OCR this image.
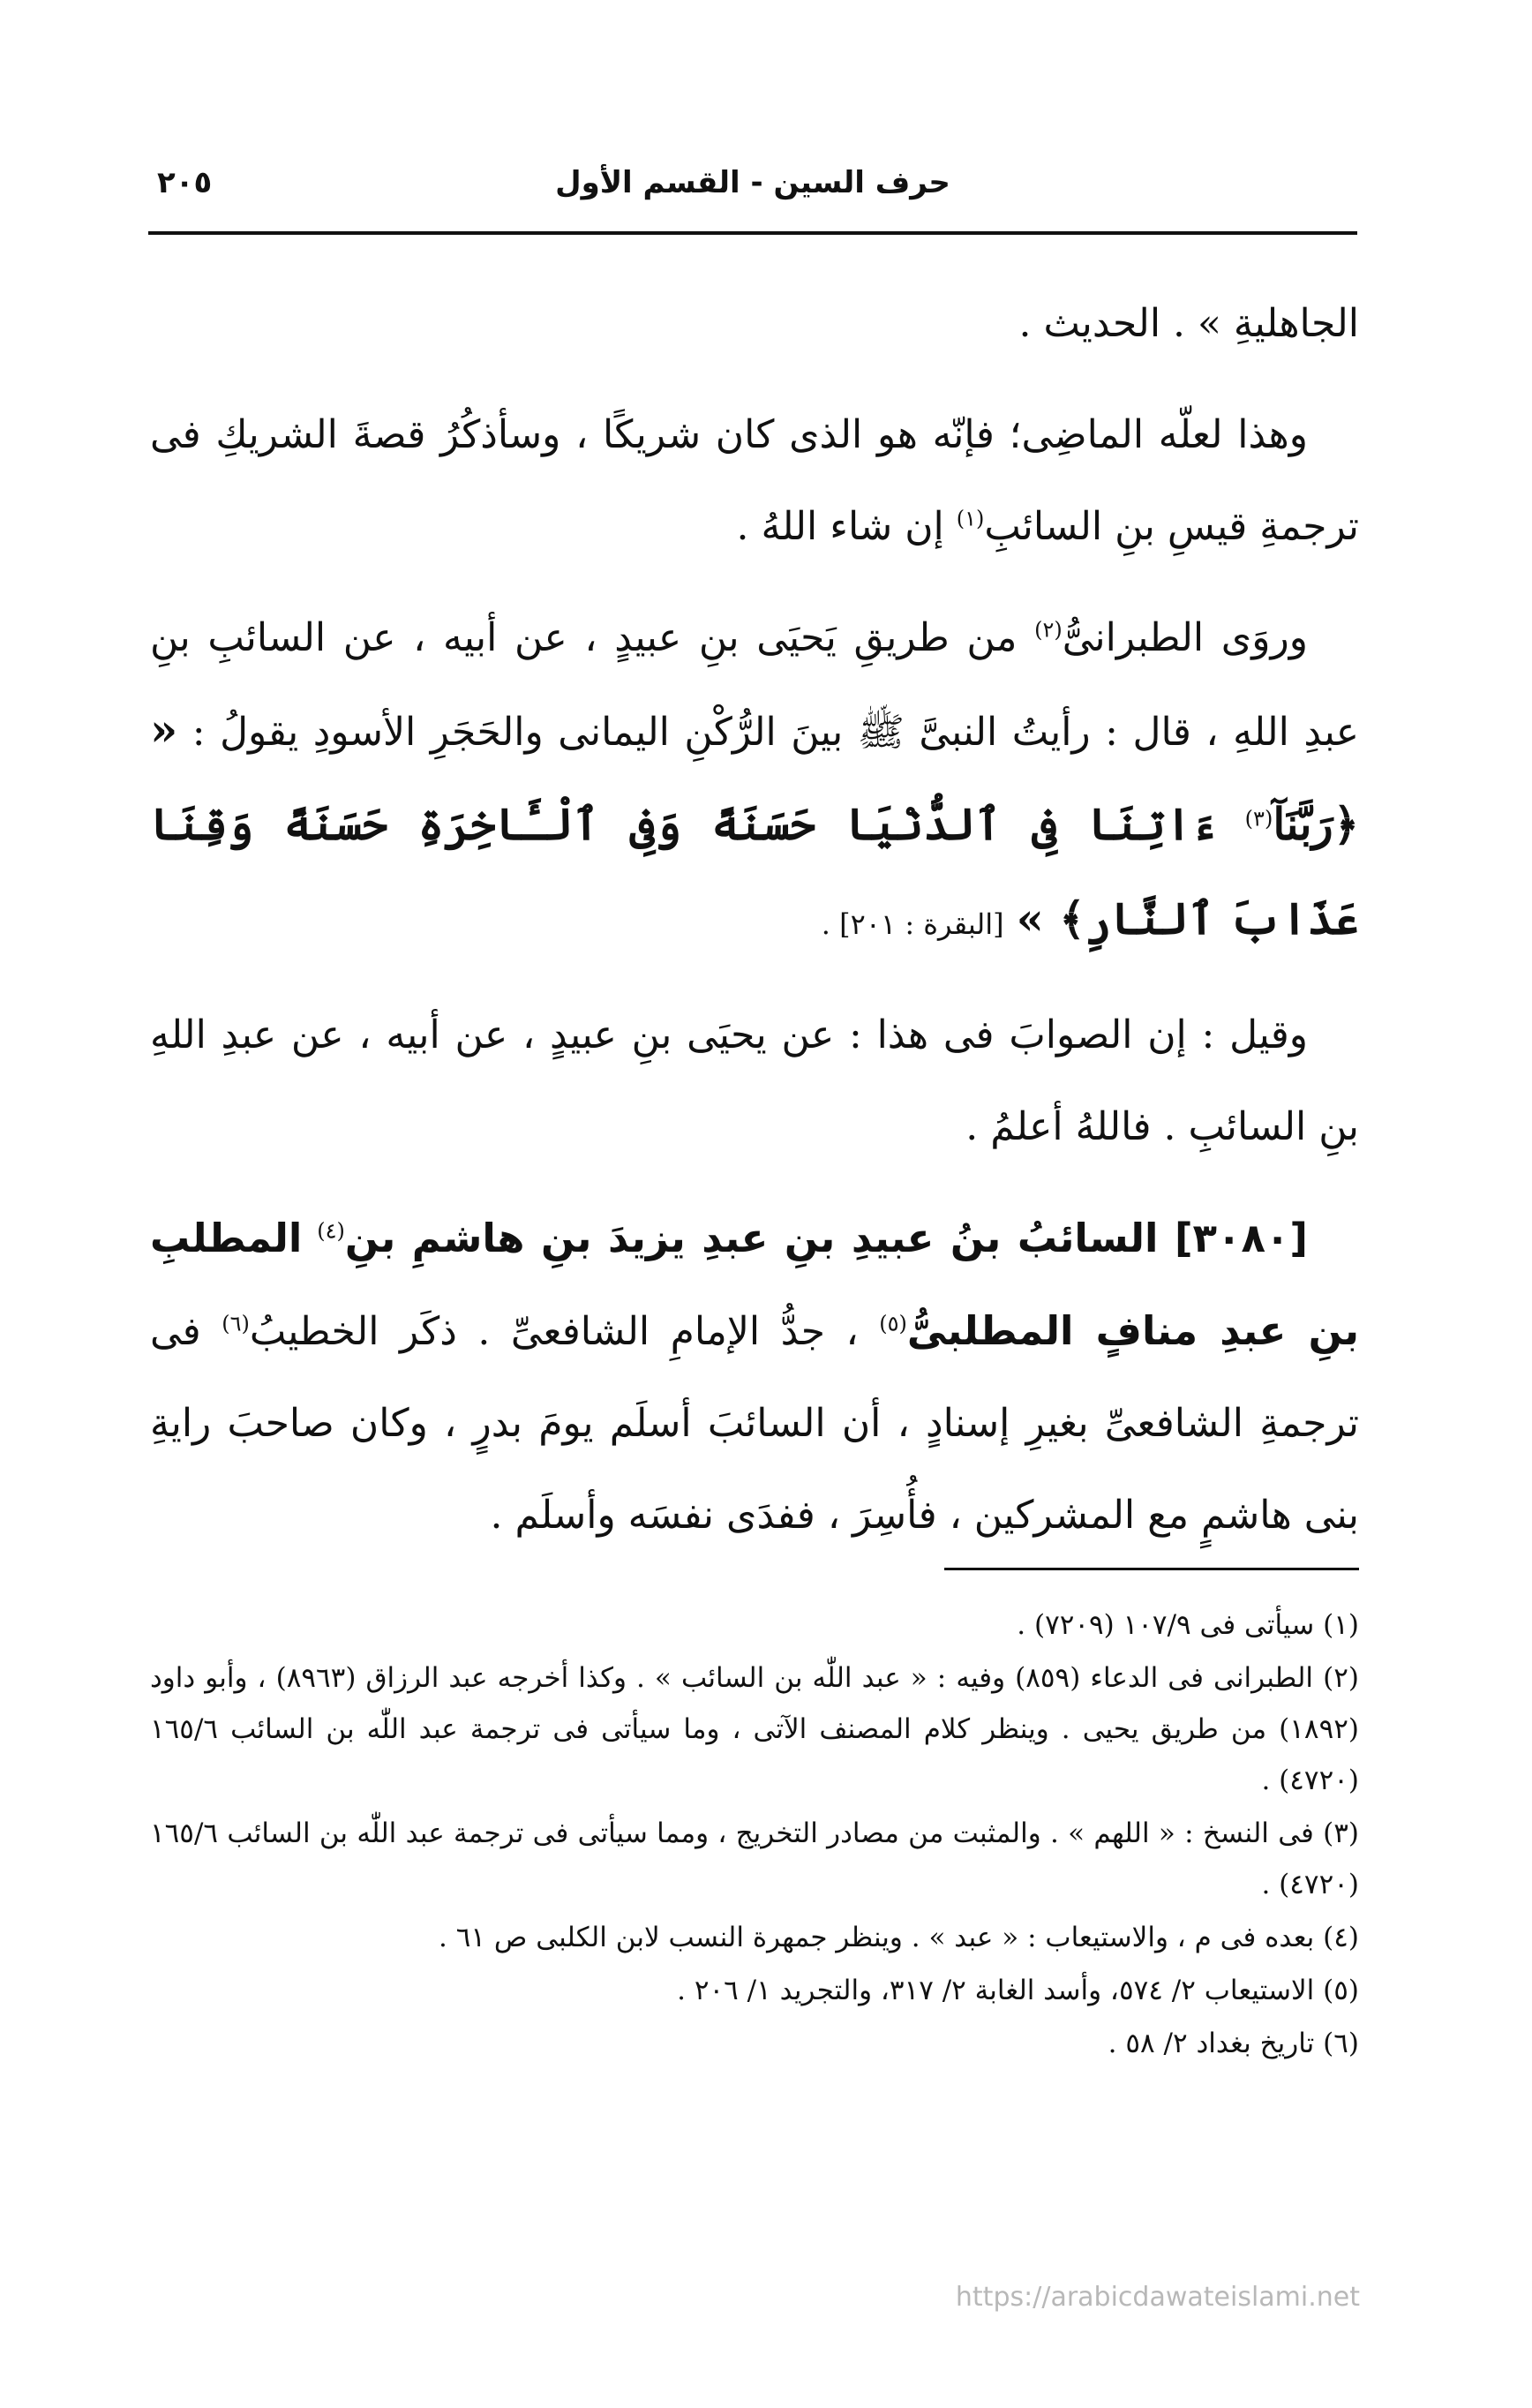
حرف السين - القسم الأول
٢٠٥

الجاهليةِ » . الحديث .

وهذا لعلّه الماضِى؛ فإنّه هو الذى كان شريكًا ، وسأذكُرُ قصةَ الشريكِ فى ترجمةِ قيسِ بنِ السائبِ$^{(١)}$ إن شاء اللهُ .

وروَى الطبرانىُّ$^{(٢)}$ من طريقِ يَحيَى بنِ عبيدٍ ، عن أبيه ، عن السائبِ بنِ عبدِ اللهِ ، قال : رأيتُ النبىَّ ﷺ بينَ الرُّكْنِ اليمانى والحَجَرِ الأسودِ يقولُ : « ﴿رَبَّنَآ$^{(٣)}$ ءَاتِنَا فِى ٱلدُّنْيَا حَسَنَةً وَفِى ٱلْـَٔاخِرَةِ حَسَنَةً وَقِنَا عَذَابَ ٱلنَّارِ﴾ » [البقرة : ٢٠١] .

وقيل : إن الصوابَ فى هذا : عن يحيَى بنِ عبيدٍ ، عن أبيه ، عن عبدِ اللهِ بنِ السائبِ . فاللهُ أعلمُ .

[٣٠٨٠] السائبُ بنُ عبيدِ بنِ عبدِ يزيدَ بنِ هاشمِ بنِ$^{(٤)}$ المطلبِ بنِ عبدِ منافٍ المطلبىُّ$^{(٥)}$ ، جدُّ الإمامِ الشافعىِّ . ذكَر الخطيبُ$^{(٦)}$ فى ترجمةِ الشافعىِّ بغيرِ إسنادٍ ، أن السائبَ أسلَم يومَ بدرٍ ، وكان صاحبَ رايةِ بنى هاشمٍ مع المشركين ، فأُسِرَ ، ففدَى نفسَه وأسلَم .

(١) سيأتى فى ١٠٧/٩ (٧٢٠٩) .

(٢) الطبرانى فى الدعاء (٨٥٩) وفيه : « عبد اللّٰه بن السائب » . وكذا أخرجه عبد الرزاق (٨٩٦٣) ، وأبو داود (١٨٩٢) من طريق يحيى . وينظر كلام المصنف الآتى ، وما سيأتى فى ترجمة عبد اللّٰه بن السائب ١٦٥/٦ (٤٧٢٠) .

(٣) فى النسخ : « اللهم » . والمثبت من مصادر التخريج ، ومما سيأتى فى ترجمة عبد اللّٰه بن السائب ١٦٥/٦ (٤٧٢٠) .

(٤) بعده فى م ، والاستيعاب : « عبد » . وينظر جمهرة النسب لابن الكلبى ص ٦١ .

(٥) الاستيعاب ٢/ ٥٧٤، وأسد الغابة ٢/ ٣١٧، والتجريد ١/ ٢٠٦ .

(٦) تاريخ بغداد ٢/ ٥٨ .

https://arabicdawateislami.net
